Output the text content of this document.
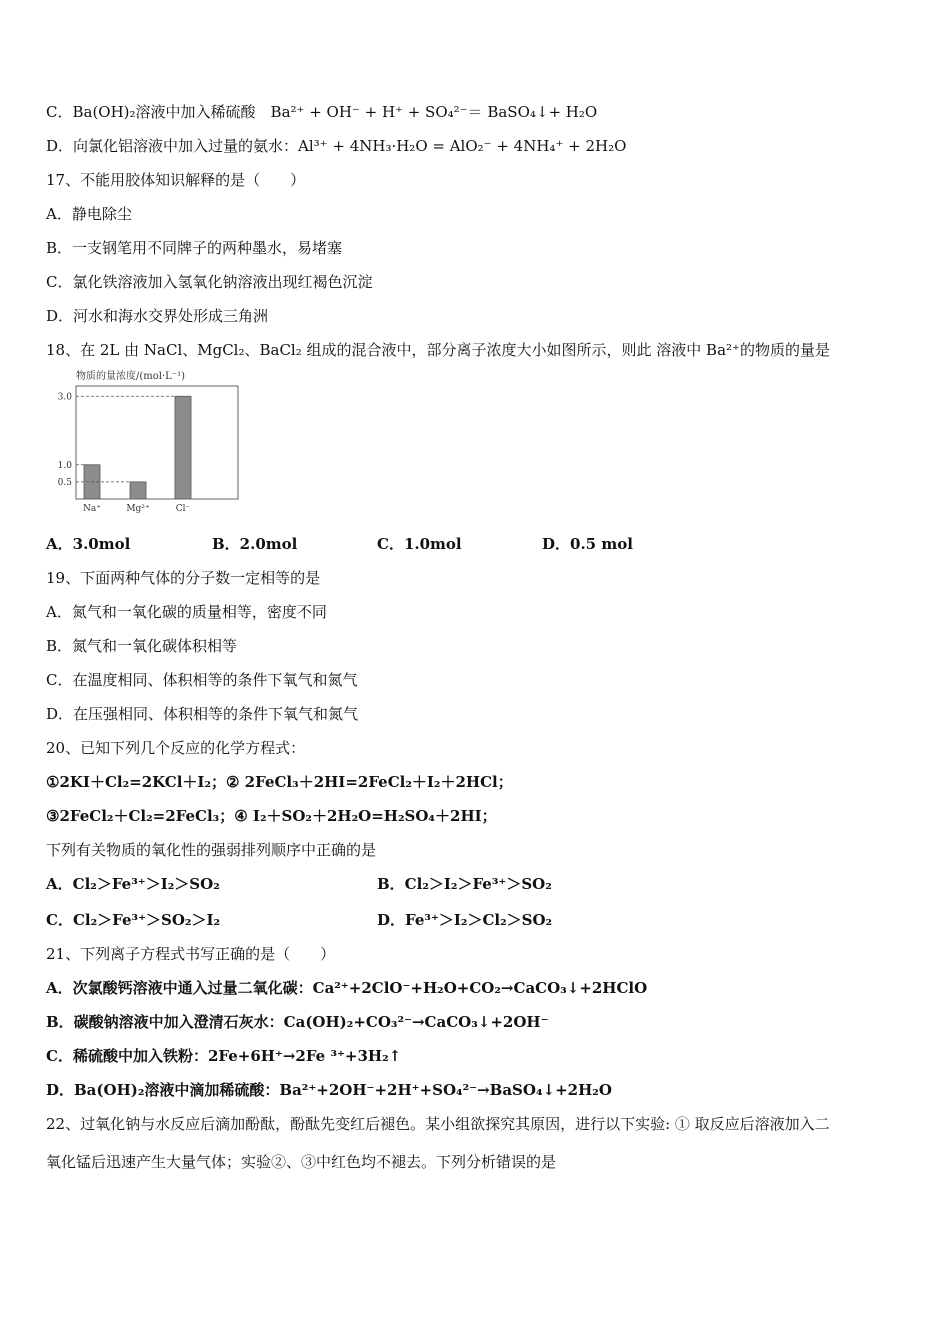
C．Ba(OH)₂溶液中加入稀硫酸　Ba²⁺ + OH⁻ + H⁺ + SO₄²⁻＝ BaSO₄↓+ H₂O
D．向氯化铝溶液中加入过量的氨水：Al³⁺ + 4NH₃·H₂O = AlO₂⁻ + 4NH₄⁺ + 2H₂O
17、不能用胶体知识解释的是（　　）
A．静电除尘
B．一支钢笔用不同牌子的两种墨水，易堵塞
C．氯化铁溶液加入氢氧化钠溶液出现红褐色沉淀
D．河水和海水交界处形成三角洲
18、在 2L 由 NaCl、MgCl₂、BaCl₂ 组成的混合液中，部分离子浓度大小如图所示，则此 溶液中 Ba²⁺的物质的量是
物质的量浓度/(mol·L⁻¹)
3.0
1.0
0.5
Na⁺	Mg²⁺	Cl⁻
A．3.0mol	B．2.0mol	C．1.0mol	D．0.5 mol
19、下面两种气体的分子数一定相等的是
A．氮气和一氧化碳的质量相等，密度不同
B．氮气和一氧化碳体积相等
C．在温度相同、体积相等的条件下氧气和氮气
D．在压强相同、体积相等的条件下氧气和氮气
20、已知下列几个反应的化学方程式：
①2KI＋Cl₂=2KCl＋I₂；② 2FeCl₃＋2HI=2FeCl₂＋I₂＋2HCl；
③2FeCl₂＋Cl₂=2FeCl₃；④ I₂＋SO₂＋2H₂O=H₂SO₄＋2HI；
下列有关物质的氧化性的强弱排列顺序中正确的是
A．Cl₂＞Fe³⁺＞I₂＞SO₂	B．Cl₂＞I₂＞Fe³⁺＞SO₂
C．Cl₂＞Fe³⁺＞SO₂＞I₂	D．Fe³⁺＞I₂＞Cl₂＞SO₂
21、下列离子方程式书写正确的是（　　）
A．次氯酸钙溶液中通入过量二氧化碳：Ca²⁺+2ClO⁻+H₂O+CO₂→CaCO₃↓+2HClO
B．碳酸钠溶液中加入澄清石灰水：Ca(OH)₂+CO₃²⁻→CaCO₃↓+2OH⁻
C．稀硫酸中加入铁粉：2Fe+6H⁺→2Fe ³⁺+3H₂↑
D．Ba(OH)₂溶液中滴加稀硫酸：Ba²⁺+2OH⁻+2H⁺+SO₄²⁻→BaSO₄↓+2H₂O
22、过氧化钠与水反应后滴加酚酞，酚酞先变红后褪色。某小组欲探究其原因，进行以下实验: ① 取反应后溶液加入二
氧化锰后迅速产生大量气体；实验②、③中红色均不褪去。下列分析错误的是
